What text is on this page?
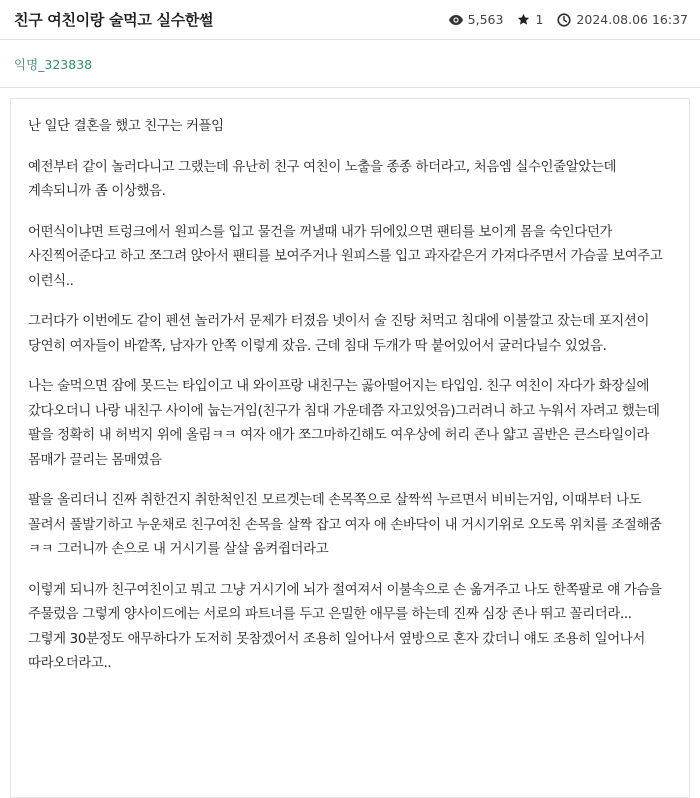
친구 여친이랑 술먹고 실수한썰	5,563	1	2024.08.06 16:37
익명_323838

난 일단 결혼을 했고 친구는 커플임

예전부터 같이 놀러다니고 그랬는데 유난히 친구 여친이 노출을 종종 하더라고, 처음엠 실수인줄알았는데 계속되니까 좀 이상했음.

어떤식이냐면 트렁크에서 원피스를 입고 물건을 꺼낼때 내가 뒤에있으면 팬티를 보이게 몸을 숙인다던가 사진찍어준다고 하고 쪼그려 앉아서 팬티를 보여주거나 원피스를 입고 과자같은거 가져다주면서 가슴골 보여주고 이런식..

그러다가 이번에도 같이 펜션 놀러가서 문제가 터졌음 넷이서 술 진탕 처먹고 침대에 이불깔고 잤는데 포지션이 당연히 여자들이 바깥쪽, 남자가 안쪽 이렇게 잤음. 근데 침대 두개가 딱 붙어있어서 굴러다닐수 있었음.

나는 술먹으면 잠에 못드는 타입이고 내 와이프랑 내친구는 곯아떨어지는 타입임. 친구 여친이 자다가 화장실에 갔다오더니 나랑 내친구 사이에 눕는거임(친구가 침대 가운데쯤 자고있엇음)그러려니 하고 누워서 자려고 했는데 팔을 정확히 내 허벅지 위에 올림ㅋㅋ 여자 애가 쪼그마하긴해도 여우상에 허리 존나 얇고 골반은 큰스타일이라 몸매가 끌리는 몸매였음

팔을 올리더니 진짜 취한건지 취한척인진 모르겟는데 손목쪽으로 살짝씩 누르면서 비비는거임, 이때부터 나도 꼴려서 풀발기하고 누운채로 친구여친 손목을 살짝 잡고 여자 애 손바닥이 내 거시기위로 오도록 위치를 조절해줌 ㅋㅋ 그러니까 손으로 내 거시기를 살살 움켜쥡더라고

이렇게 되니까 친구여친이고 뭐고 그냥 거시기에 뇌가 절여져서 이불속으로 손 옮겨주고 나도 한쪽팔로 얘 가슴을 주물렀음 그렇게 양사이드에는 서로의 파트너를 두고 은밀한 애무를 하는데 진짜 심장 존나 뛰고 꼴리더라... 그렇게 30분정도 애무하다가 도저히 못참겠어서 조용히 일어나서 옆방으로 혼자 갔더니 얘도 조용히 일어나서 따라오더라고..
